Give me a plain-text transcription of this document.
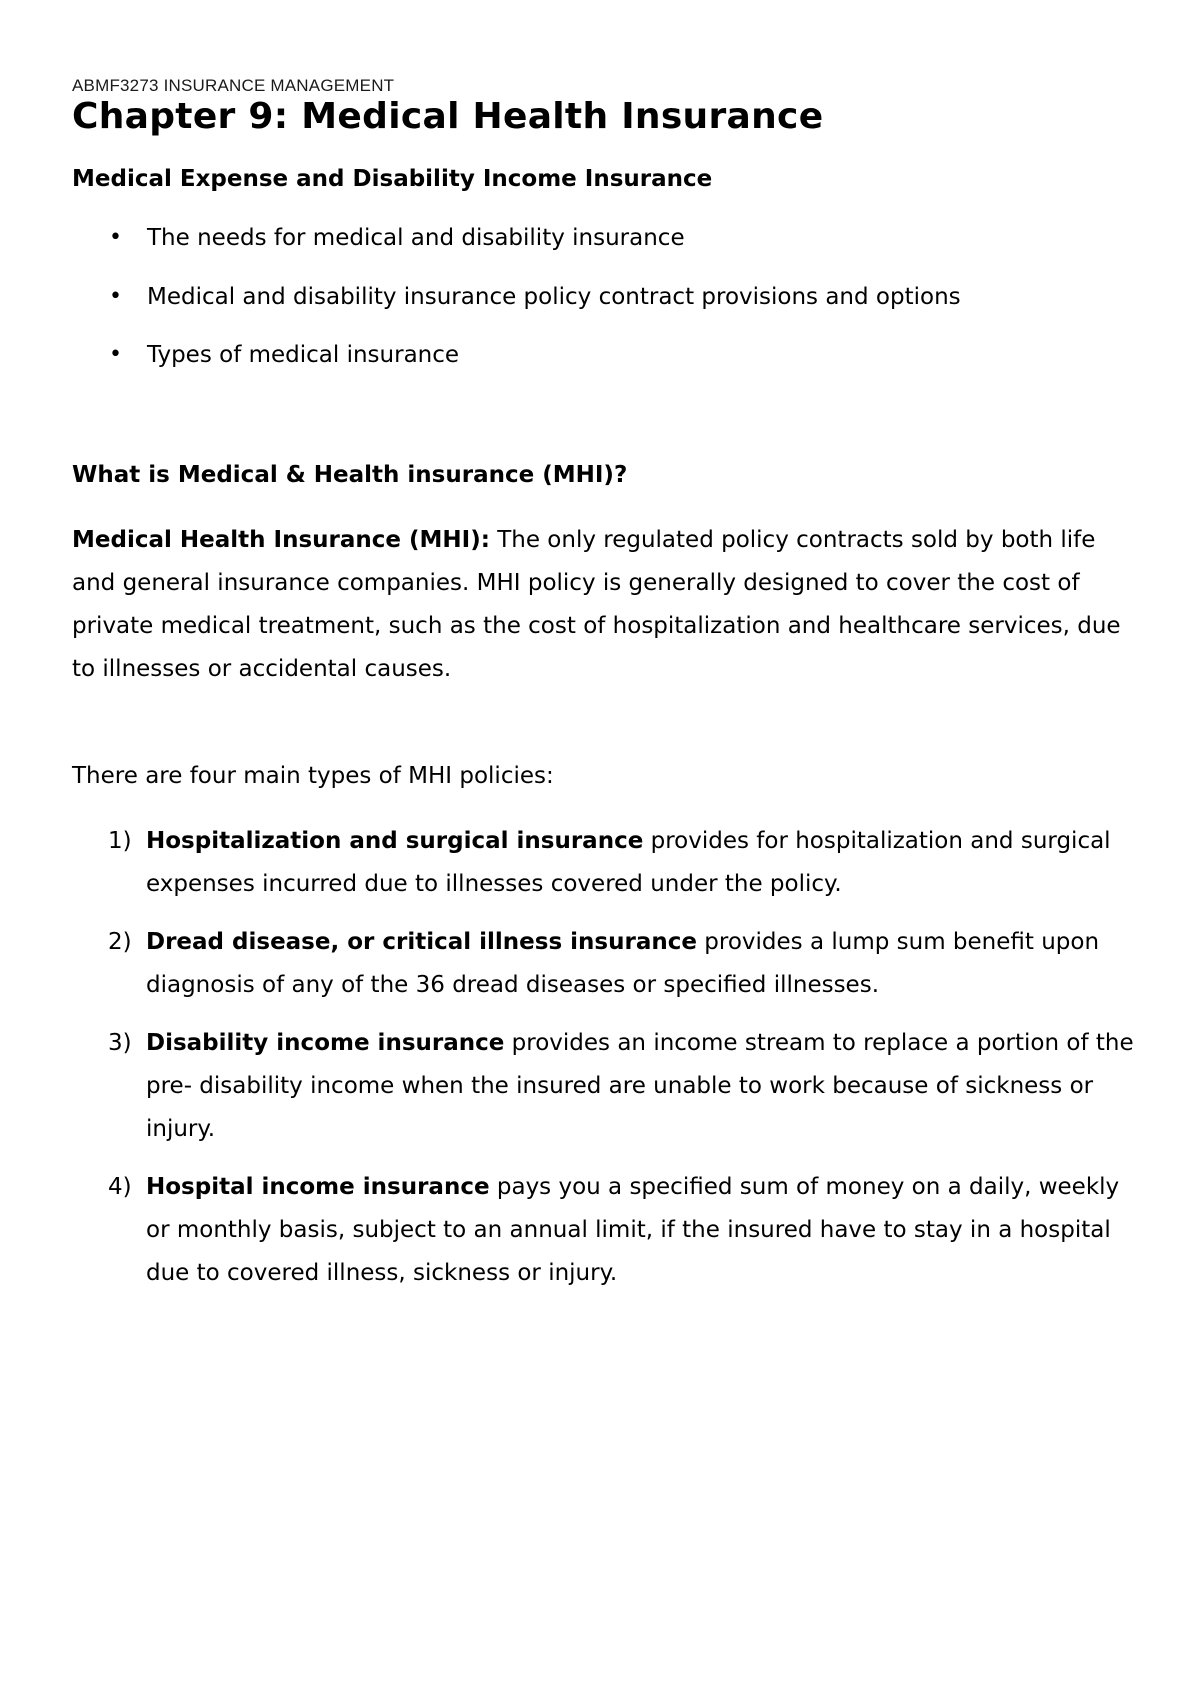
ABMF3273 INSURANCE MANAGEMENT
Chapter 9: Medical Health Insurance
Medical Expense and Disability Income Insurance
• The needs for medical and disability insurance
• Medical and disability insurance policy contract provisions and options
• Types of medical insurance
What is Medical & Health insurance (MHI)?

Medical Health Insurance (MHI): The only regulated policy contracts sold by both life and general insurance companies. MHI policy is generally designed to cover the cost of private medical treatment, such as the cost of hospitalization and healthcare services, due to illnesses or accidental causes.

There are four main types of MHI policies:
1) Hospitalization and surgical insurance provides for hospitalization and surgical expenses incurred due to illnesses covered under the policy.
2) Dread disease, or critical illness insurance provides a lump sum benefit upon diagnosis of any of the 36 dread diseases or specified illnesses.
3) Disability income insurance provides an income stream to replace a portion of the pre- disability income when the insured are unable to work because of sickness or injury.
4) Hospital income insurance pays you a specified sum of money on a daily, weekly or monthly basis, subject to an annual limit, if the insured have to stay in a hospital due to covered illness, sickness or injury.
